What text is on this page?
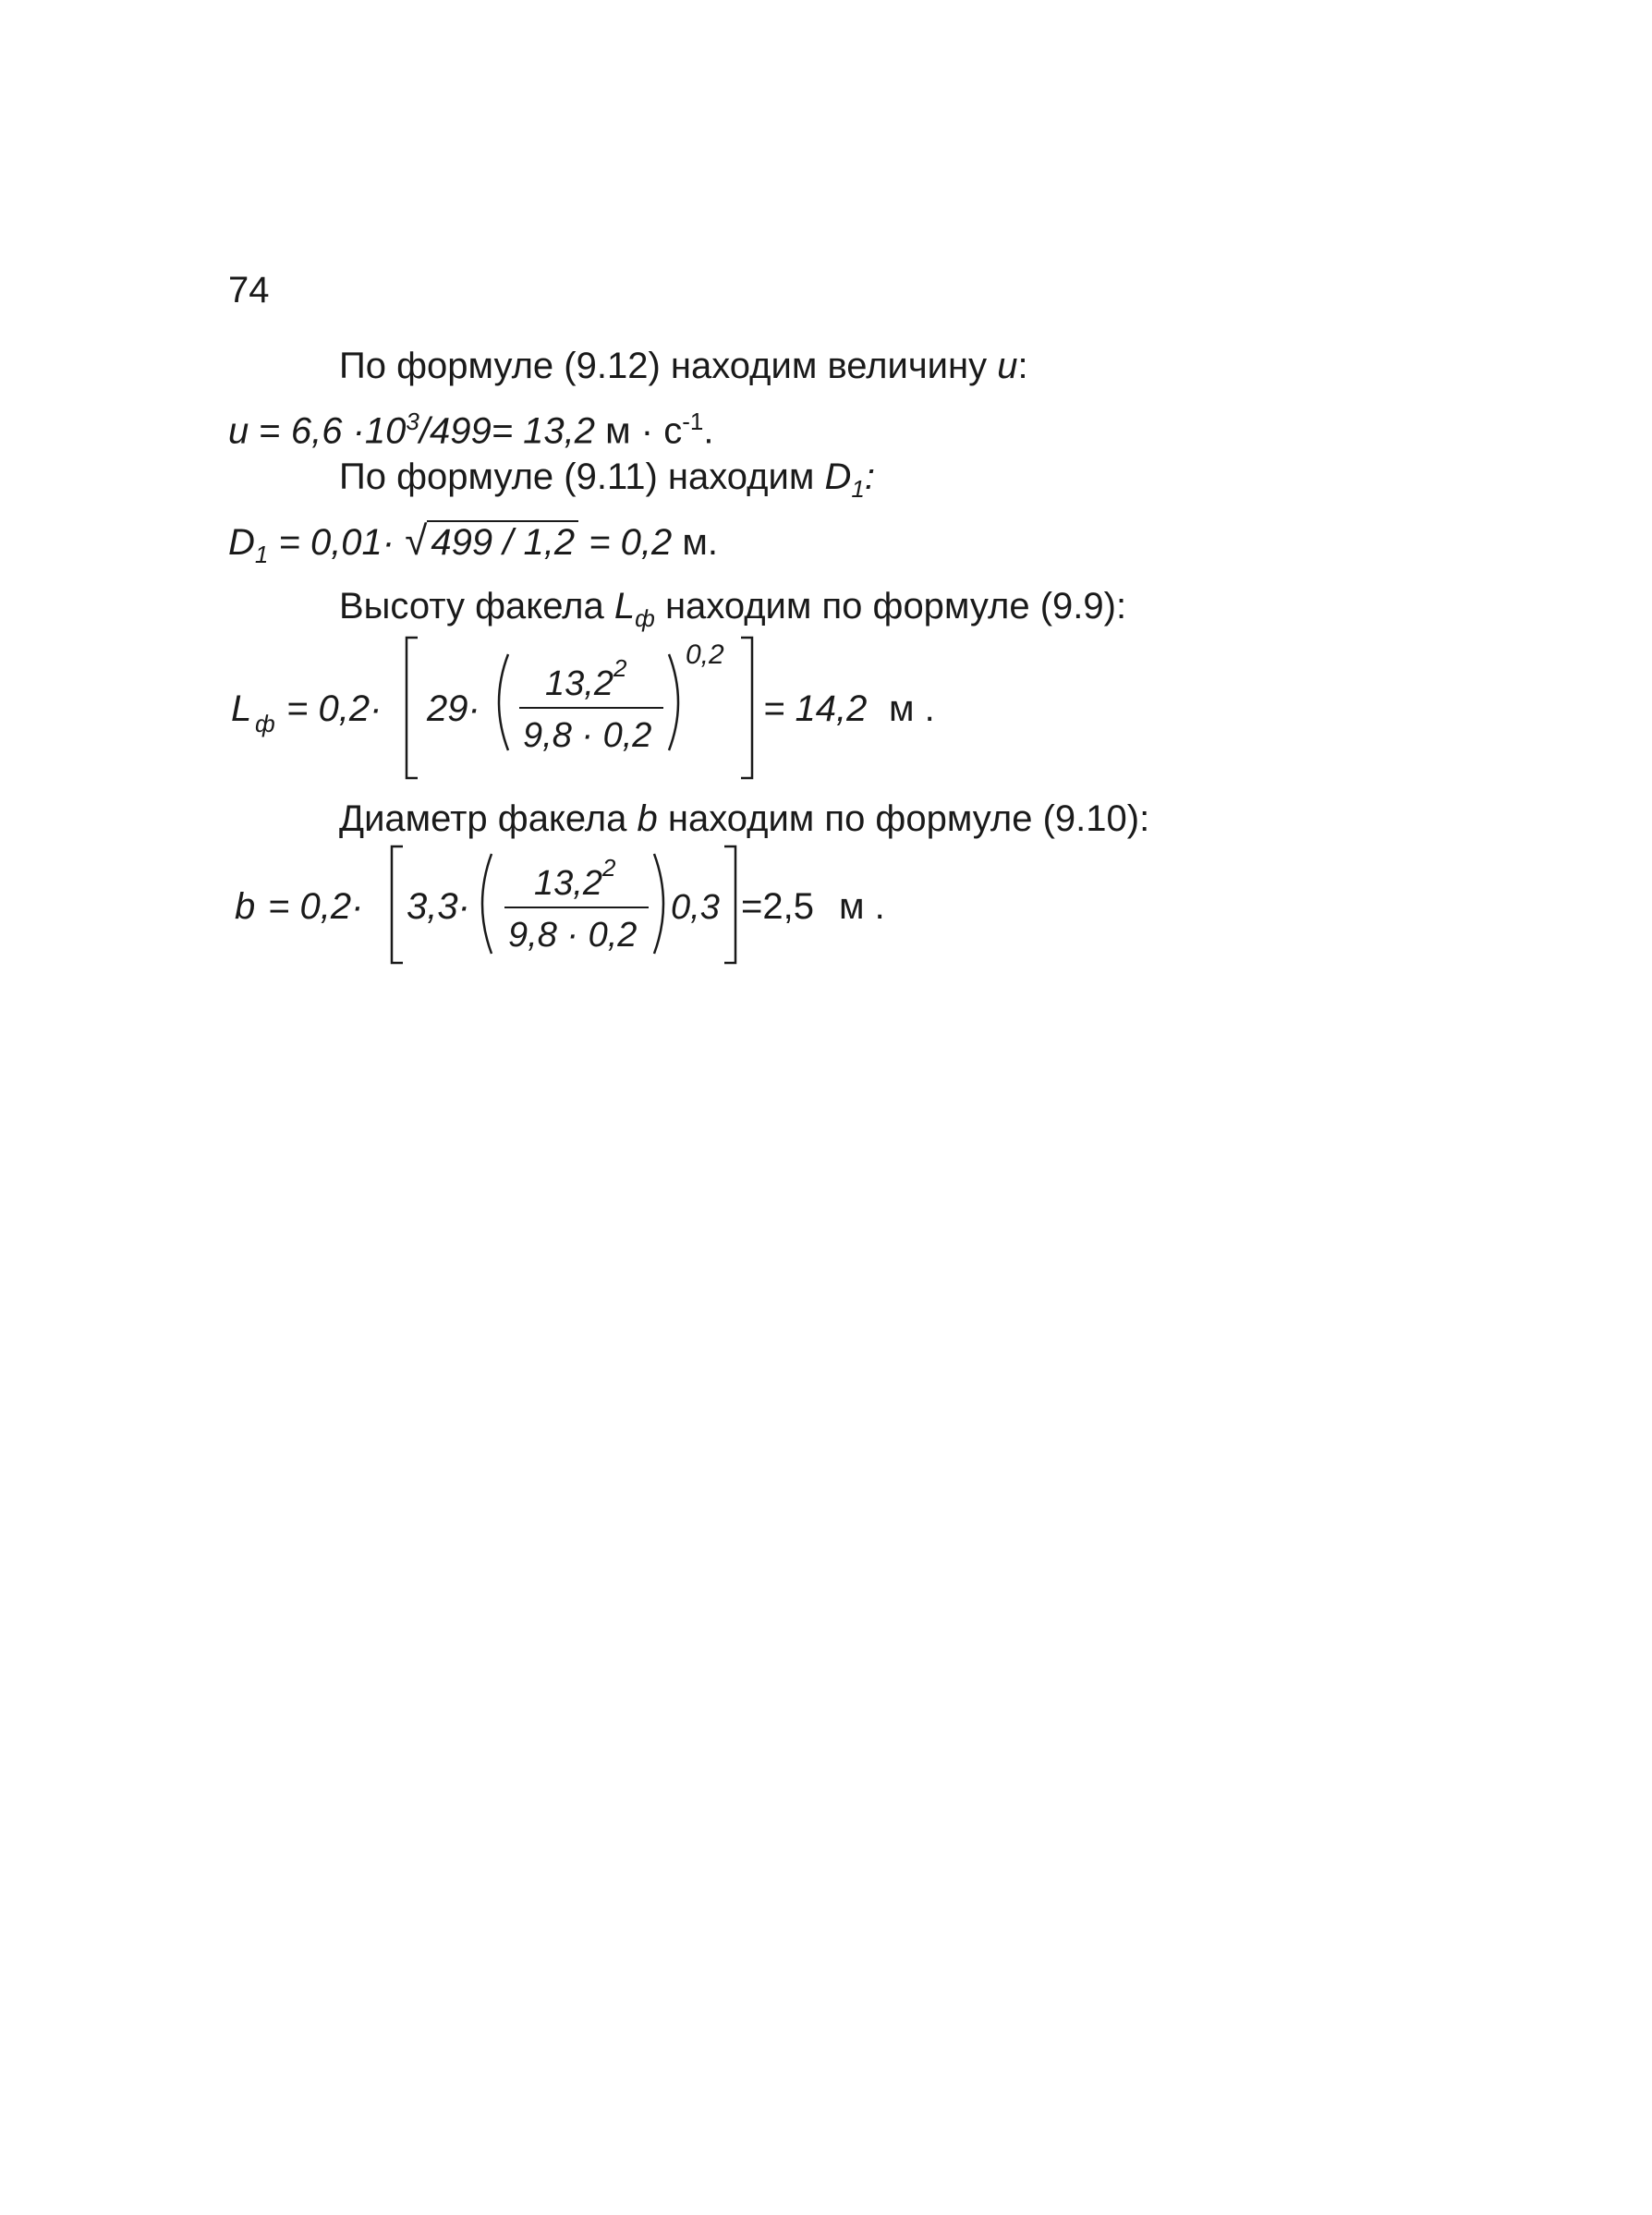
74
По формуле (9.12) находим величину u:
$u = 6,6 \cdot 10^3/499= 13,2$ $м \cdot с^{-1}$.
По формуле (9.11) находим $D_1$:
$D_1 = 0,01\cdot$ √ 499 / 1,2 = 0,2 м.
Высоту факела $L_ф$ находим по формуле (9.9):
L ф = 0,2· 29·
13,2 2
9,8 · 0,2
0,2
= 14,2 м .
Диаметр факела b находим по формуле (9.10):
b = 0,2· 3,3·
13,2 2
9,8 · 0,2
0,3 =2,5 м .
